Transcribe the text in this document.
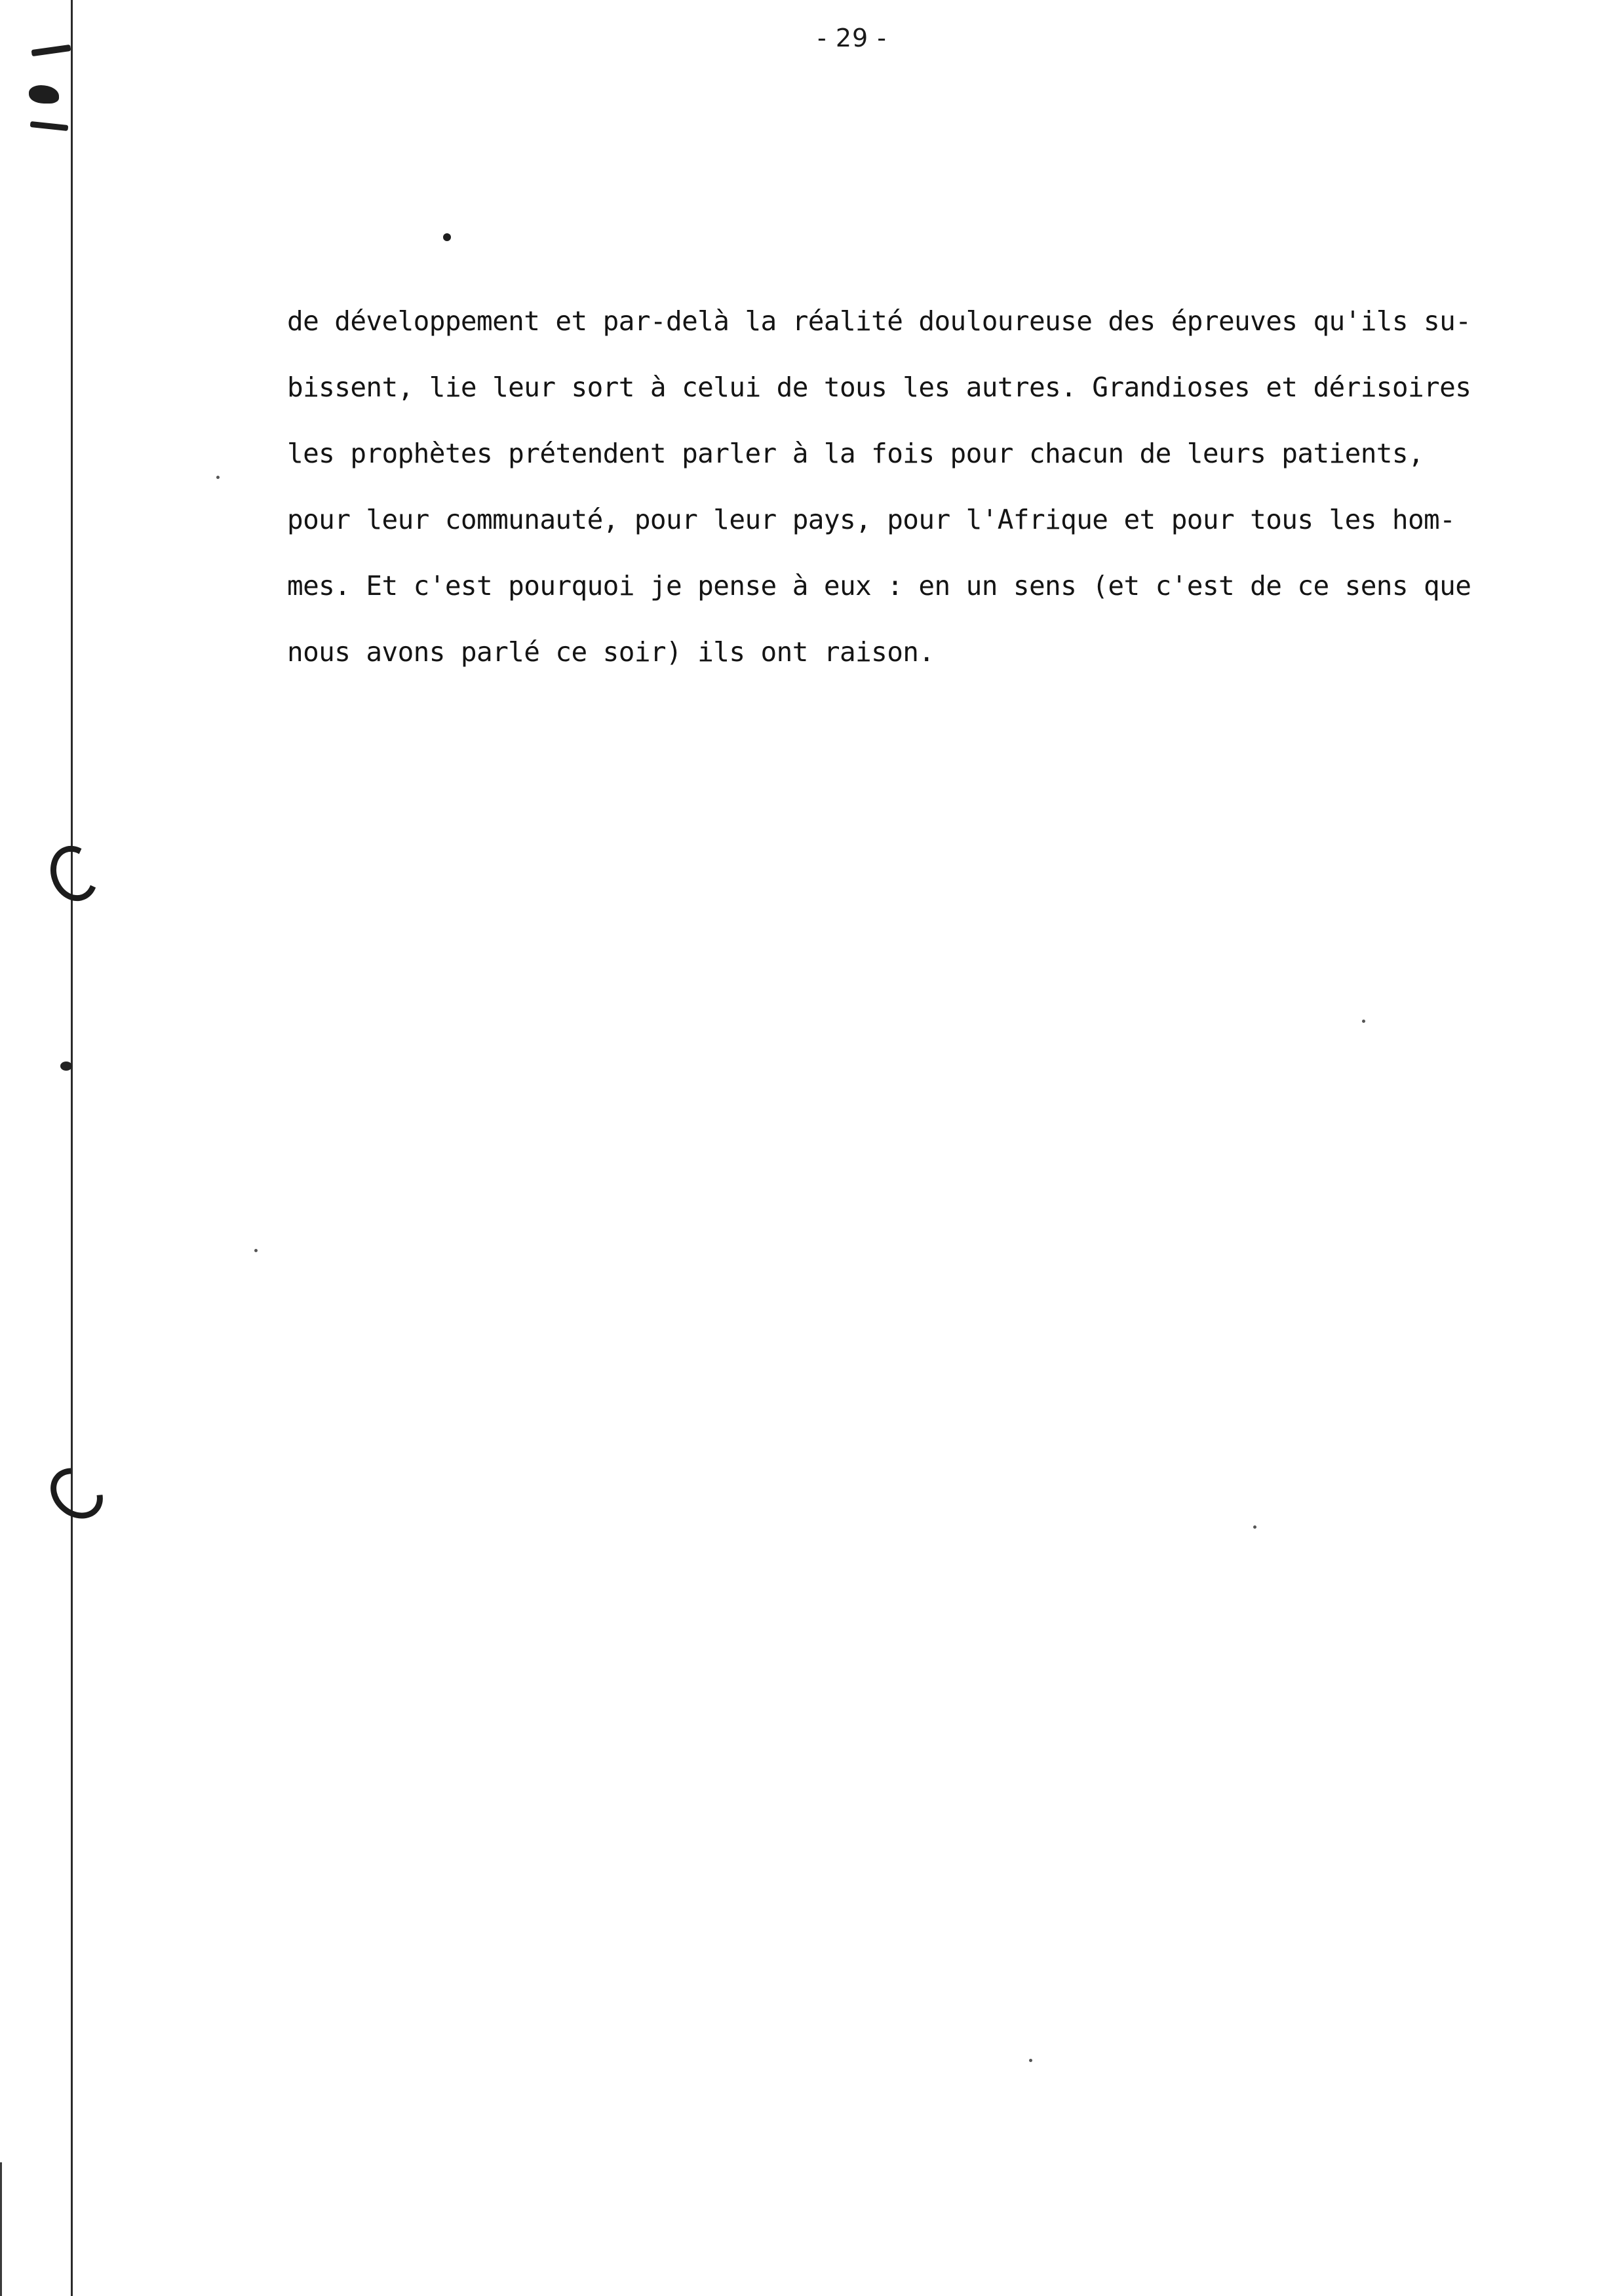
- 29 -
de développement et par-delà la réalité douloureuse des épreuves qu'ils su-
bissent, lie leur sort à celui de tous les autres. Grandioses et dérisoires
les prophètes prétendent parler à la fois pour chacun de leurs patients,
pour leur communauté, pour leur pays, pour l'Afrique et pour tous les hom-
mes. Et c'est pourquoi je pense à eux : en un sens (et c'est de ce sens que
nous avons parlé ce soir) ils ont raison.
